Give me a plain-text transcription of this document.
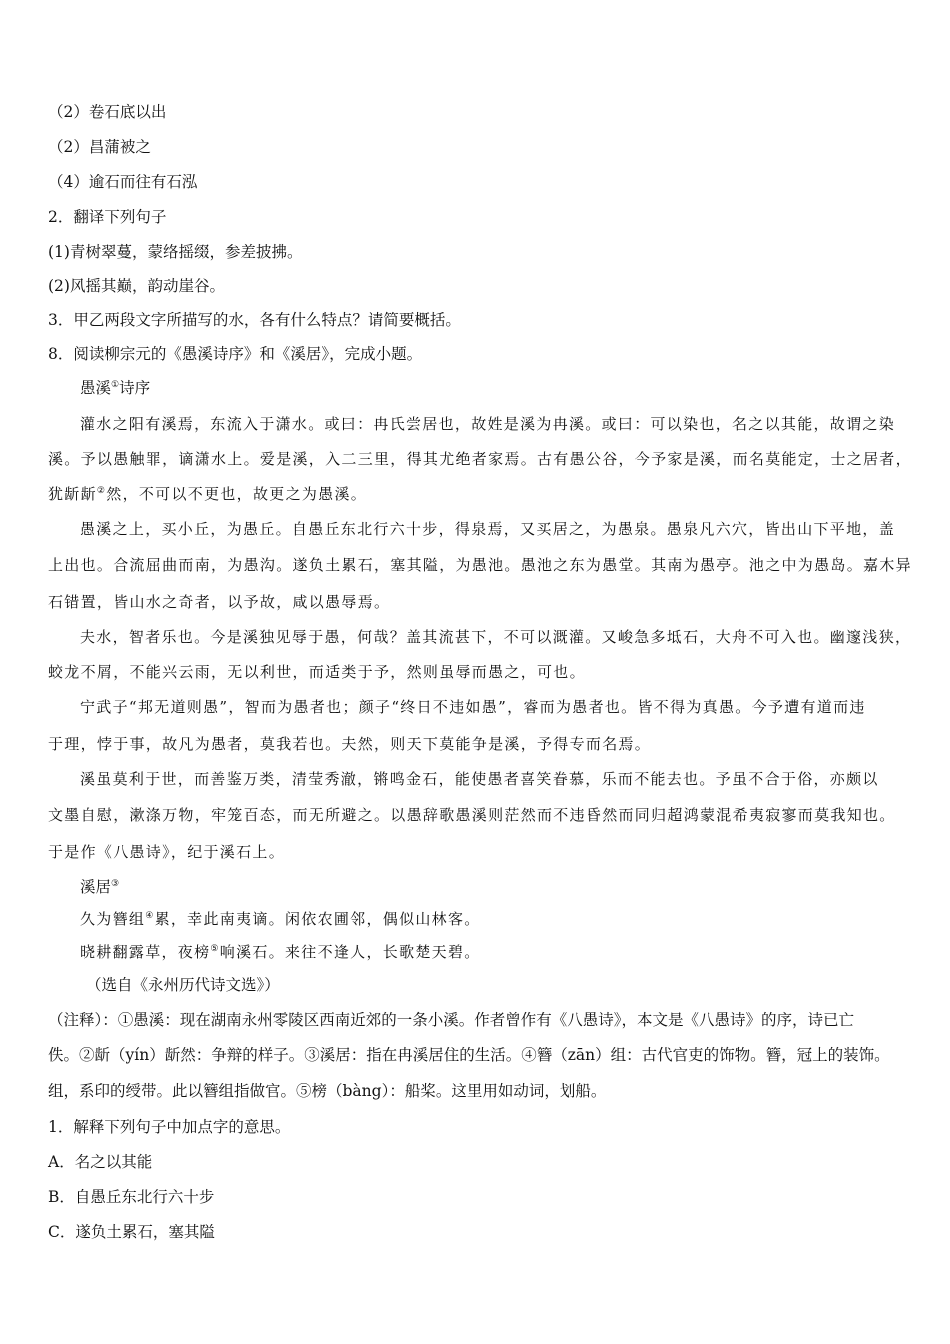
（2）卷石底以出
（2）昌蒲被之
（4）逾石而往有石泓
2．翻译下列句子
(1)青树翠蔓，蒙络摇缀，参差披拂。
(2)风摇其巅，韵动崖谷。
3．甲乙两段文字所描写的水，各有什么特点？请简要概括。
8．阅读柳宗元的《愚溪诗序》和《溪居》，完成小题。
愚溪①诗序
灌水之阳有溪焉，东流入于潇水。或曰：冉氏尝居也，故姓是溪为冉溪。或曰：可以染也，名之以其能，故谓之染
溪。予以愚触罪，谪潇水上。爱是溪，入二三里，得其尤绝者家焉。古有愚公谷，今予家是溪，而名莫能定，士之居者，
犹龂龂②然，不可以不更也，故更之为愚溪。
愚溪之上，买小丘，为愚丘。自愚丘东北行六十步，得泉焉，又买居之，为愚泉。愚泉凡六穴，皆出山下平地，盖
上出也。合流屈曲而南，为愚沟。遂负土累石，塞其隘，为愚池。愚池之东为愚堂。其南为愚亭。池之中为愚岛。嘉木异
石错置，皆山水之奇者，以予故，咸以愚辱焉。
夫水，智者乐也。今是溪独见辱于愚，何哉？盖其流甚下，不可以溉灌。又峻急多坻石，大舟不可入也。幽邃浅狭，
蛟龙不屑，不能兴云雨，无以利世，而适类于予，然则虽辱而愚之，可也。
宁武子“邦无道则愚”，智而为愚者也；颜子“终日不违如愚”，睿而为愚者也。皆不得为真愚。今予遭有道而违
于理，悖于事，故凡为愚者，莫我若也。夫然，则天下莫能争是溪，予得专而名焉。
溪虽莫利于世，而善鉴万类，清莹秀澈，锵鸣金石，能使愚者喜笑眷慕，乐而不能去也。予虽不合于俗，亦颇以
文墨自慰，漱涤万物，牢笼百态，而无所避之。以愚辞歌愚溪则茫然而不违昏然而同归超鸿蒙混希夷寂寥而莫我知也。
于是作《八愚诗》，纪于溪石上。
溪居③
久为簪组④累，幸此南夷谪。闲依农圃邻，偶似山林客。
晓耕翻露草，夜榜⑤响溪石。来往不逢人，长歌楚天碧。
（选自《永州历代诗文选》）
（注释）：①愚溪：现在湖南永州零陵区西南近郊的一条小溪。作者曾作有《八愚诗》，本文是《八愚诗》的序，诗已亡
佚。②龂（yín）龂然：争辩的样子。③溪居：指在冉溪居住的生活。④簪（zān）组：古代官吏的饰物。簪，冠上的装饰。
组，系印的绶带。此以簪组指做官。⑤榜（bàng）：船桨。这里用如动词，划船。
1．解释下列句子中加点字的意思。
A．名之以其能
B．自愚丘东北行六十步
C．遂负土累石，塞其隘
